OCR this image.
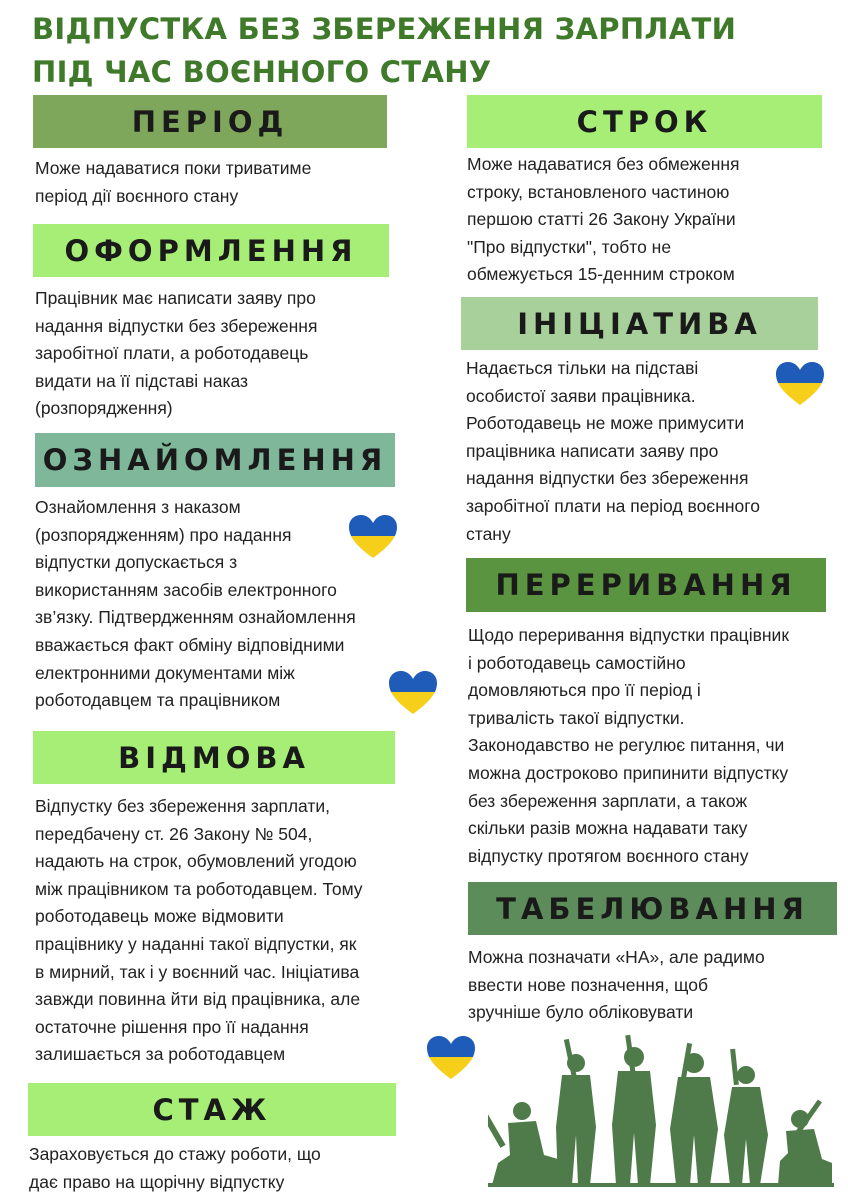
ВІДПУСТКА БЕЗ ЗБЕРЕЖЕННЯ ЗАРПЛАТИ
ПІД ЧАС ВОЄННОГО СТАНУ
ПЕРІОД
Може надаватися поки триватиме
період дії воєнного стану
ОФОРМЛЕННЯ
Працівник має написати заяву про
надання відпустки без збереження
заробітної плати, а роботодавець
видати на її підставі наказ
(розпорядження)
ОЗНАЙОМЛЕННЯ
Ознайомлення з наказом
(розпорядженням) про надання
відпустки допускається з
використанням засобів електронного
зв’язку. Підтвердженням ознайомлення
вважається факт обміну відповідними
електронними документами між
роботодавцем та працівником
ВІДМОВА
Відпустку без збереження зарплати,
передбачену ст. 26 Закону № 504,
надають на строк, обумовлений угодою
між працівником та роботодавцем. Тому
роботодавець може відмовити
працівнику у наданні такої відпустки, як
в мирний, так і у воєнний час. Ініціатива
завжди повинна йти від працівника, але
остаточне рішення про її надання
залишається за роботодавцем
СТАЖ
Зараховується до стажу роботи, що
дає право на щорічну відпустку
СТРОК
Може надаватися без обмеження
строку, встановленого частиною
першою статті 26 Закону України
"Про відпустки", тобто не
обмежується 15-денним строком
ІНІЦІАТИВА
Надається тільки на підставі
особистої заяви працівника.
Роботодавець не може примусити
працівника написати заяву про
надання відпустки без збереження
заробітної плати на період воєнного
стану
ПЕРЕРИВАННЯ
Щодо переривання відпустки працівник
і роботодавець самостійно
домовляються про її період і
тривалість такої відпустки.
Законодавство не регулює питання, чи
можна достроково припинити відпустку
без збереження зарплати, а також
скільки разів можна надавати таку
відпустку протягом воєнного стану
ТАБЕЛЮВАННЯ
Можна позначати «НА», але радимо
ввести нове позначення, щоб
зручніше було обліковувати
